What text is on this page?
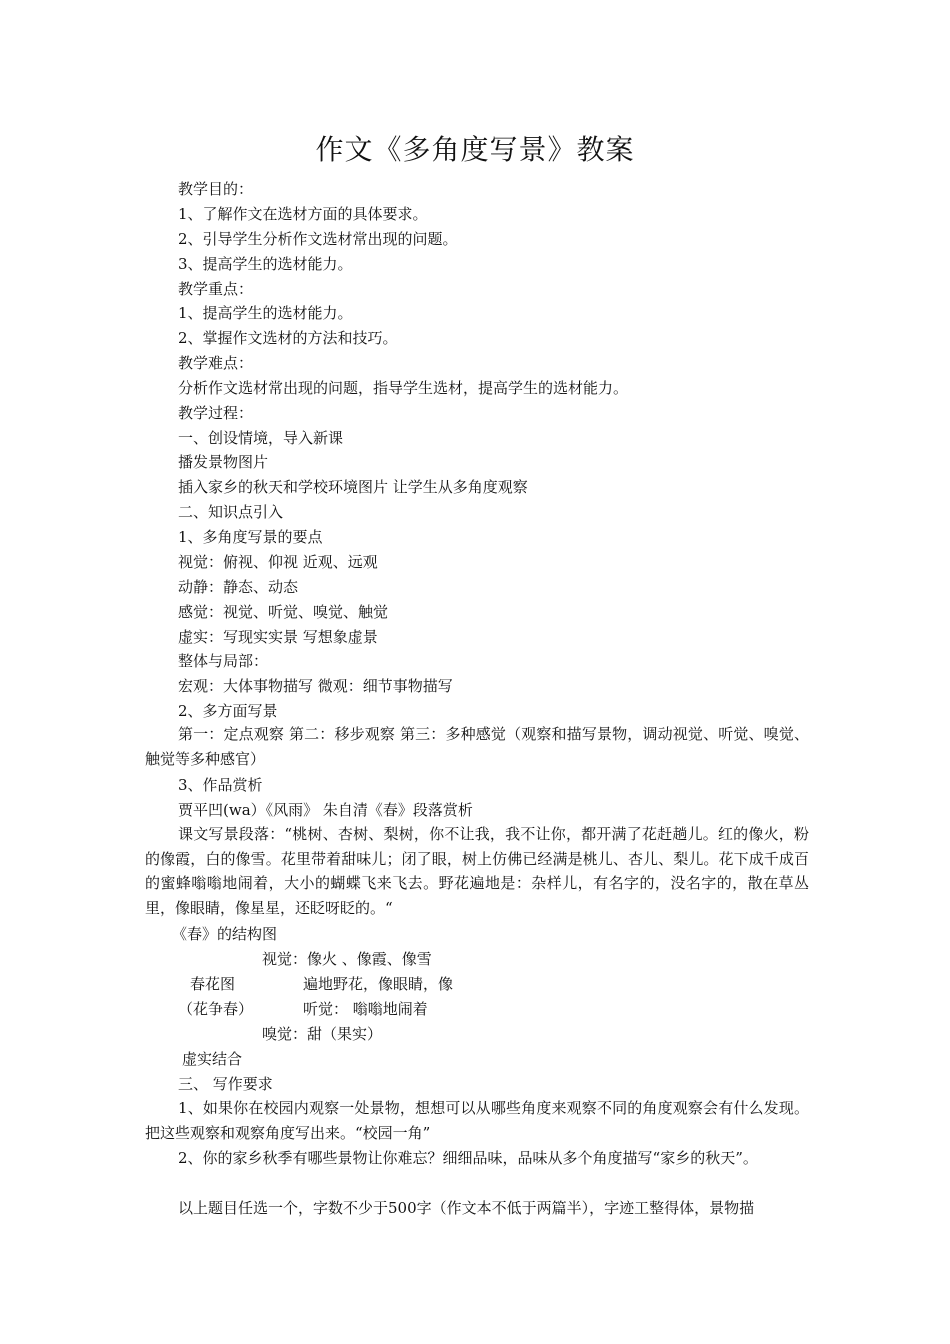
作文《多角度写景》教案
教学目的：
1、了解作文在选材方面的具体要求。
2、引导学生分析作文选材常出现的问题。
3、提高学生的选材能力。
教学重点：
1、提高学生的选材能力。
2、掌握作文选材的方法和技巧。
教学难点：
分析作文选材常出现的问题，指导学生选材，提高学生的选材能力。
教学过程：
一、创设情境，导入新课
播发景物图片
插入家乡的秋天和学校环境图片 让学生从多角度观察
二、知识点引入
1、多角度写景的要点
视觉：俯视、仰视 近观、远观
动静：静态、动态
感觉：视觉、听觉、嗅觉、触觉
虚实：写现实实景 写想象虚景
整体与局部：
宏观：大体事物描写 微观：细节事物描写
2、多方面写景
第一：定点观察 第二：移步观察 第三：多种感觉（观察和描写景物，调动视觉、听觉、嗅觉、触觉等多种感官）
3、作品赏析
贾平凹(wa）《风雨》 朱自清《春》段落赏析
课文写景段落：“桃树、杏树、梨树，你不让我，我不让你，都开满了花赶趟儿。红的像火，粉的像霞，白的像雪。花里带着甜味儿；闭了眼，树上仿佛已经满是桃儿、杏儿、梨儿。花下成千成百的蜜蜂嗡嗡地闹着，大小的蝴蝶飞来飞去。野花遍地是：杂样儿，有名字的，没名字的，散在草丛里，像眼睛，像星星，还眨呀眨的。“
《春》的结构图
视觉：像火 、像霞、像雪
春花图	遍地野花，像眼睛，像
（花争春）	听觉： 嗡嗡地闹着
嗅觉：甜（果实）
虚实结合
三、 写作要求
1、如果你在校园内观察一处景物，想想可以从哪些角度来观察不同的角度观察会有什么发现。把这些观察和观察角度写出来。“校园一角”
2、你的家乡秋季有哪些景物让你难忘？细细品味，品味从多个角度描写“家乡的秋天”。
以上题目任选一个，字数不少于500字（作文本不低于两篇半），字迹工整得体，景物描
